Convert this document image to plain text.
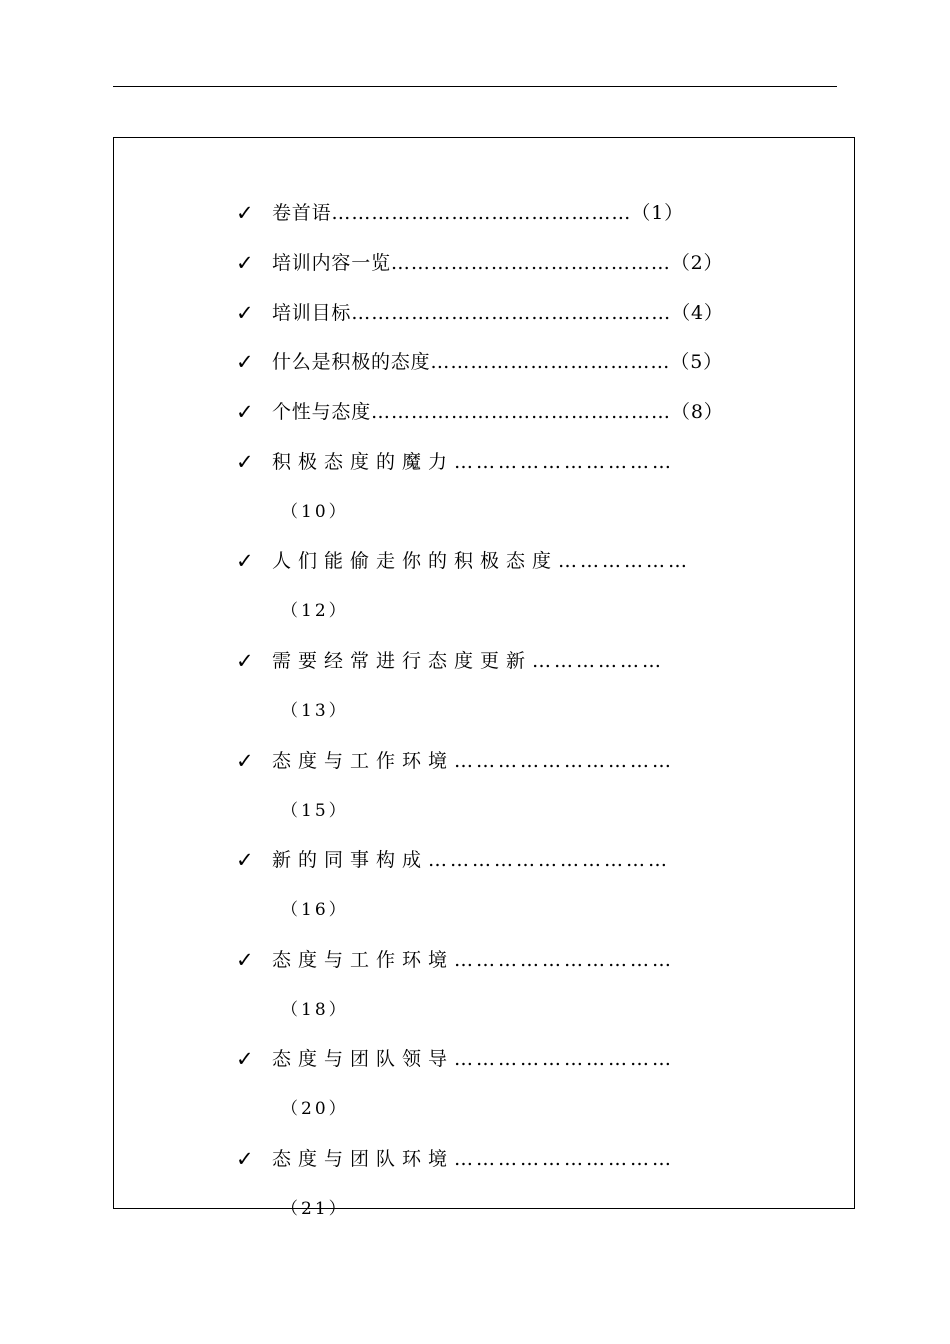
✓ 卷首语………………………………………（1）
✓ 培训内容一览……………………………………（2）
✓ 培训目标…………………………………………（4）
✓ 什么是积极的态度………………………………（5）
✓ 个性与态度………………………………………（8）
✓ 积极态度的魔力…………………………
（10）
✓ 人们能偷走你的积极态度………………
（12）
✓ 需要经常进行态度更新………………
（13）
✓ 态度与工作环境…………………………
（15）
✓ 新的同事构成……………………………
（16）
✓ 态度与工作环境…………………………
（18）
✓ 态度与团队领导…………………………
（20）
✓ 态度与团队环境…………………………
（21）
